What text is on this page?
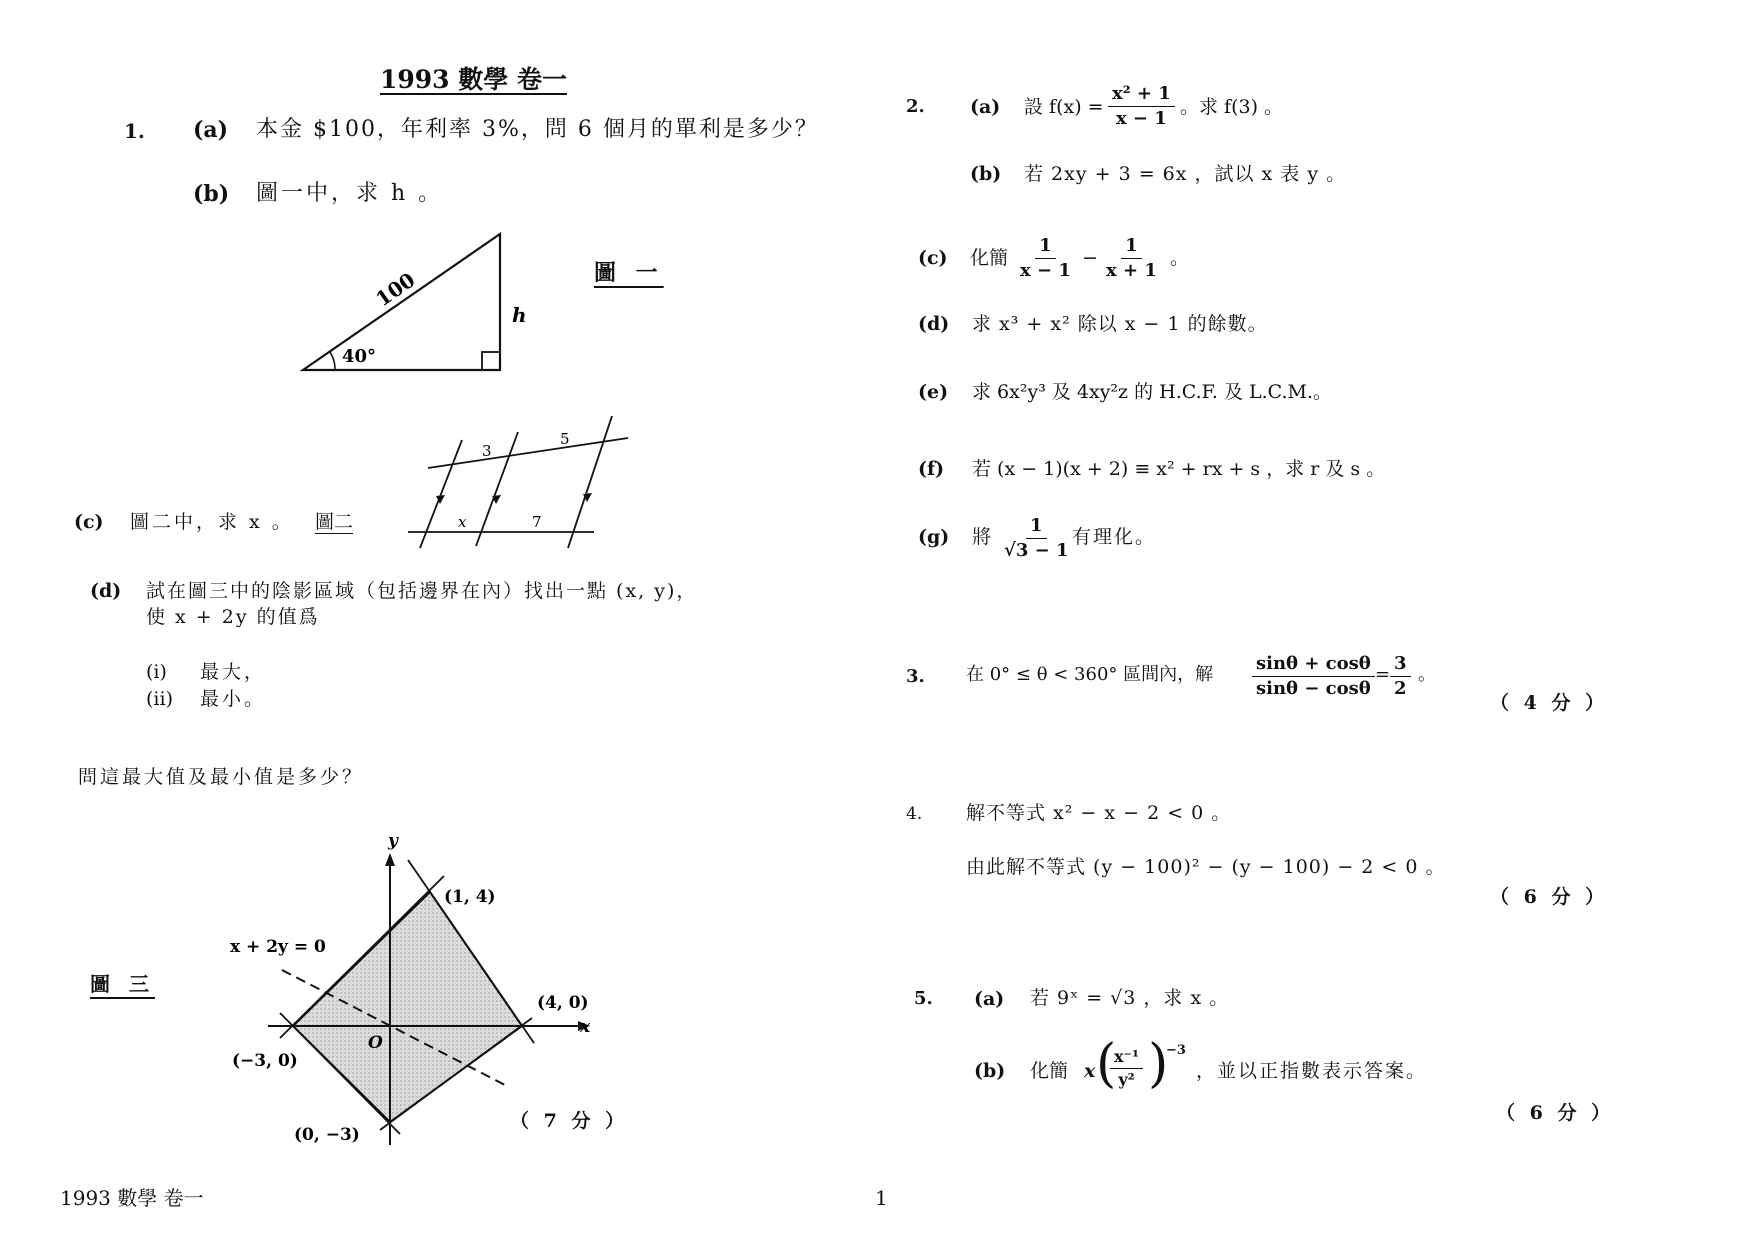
1993 數學 卷一
1. (a) 本金 $100，年利率 3%，問 6 個月的單利是多少？
(b) 圖一中，求 h 。
100
h
40°
圖 一
(c) 圖二中，求 x 。 圖二
3
5
x	7
(d) 試在圖三中的陰影區域（包括邊界在內）找出一點 (x, y)，
使 x + 2y 的值爲
(i) 最大，
(ii) 最小。
問這最大值及最小值是多少？
圖 三
y
x
O
x + 2y = 0
(1, 4)
(4, 0)
(−3, 0)
(0, −3)
（ 7 分 ）
1993 數學 卷一	1
2. (a) 設 $f(x) = \frac{\text{x² + 1}}{x - 1}$ 。求 f(3) 。
(b) 若 2xy + 3 = 6x ，試以 x 表 y 。
(c) 化簡 $\frac{1}{x - 1} - \frac{1}{x + 1}$ 。
(d) 求 x³ + x² 除以 x − 1 的餘數。
(e) 求 6x²y³ 及 4xy²z 的 H.C.F. 及 L.C.M.。
(f) 若 (x − 1)(x + 2) ≡ x² + rx + s ，求 r 及 s 。
(g) 將 $\frac{1}{√3 - 1}$ 有理化。
3. 在 0° ≤ θ < 360° 區間內，解 $\frac{\sin\theta + \cos\theta}{\sin\theta - \cos\theta} = \frac{3}{2}$ 。
（ 4 分 ）
4. 解不等式 x² − x − 2 < 0 。
由此解不等式 (y − 100)² − (y − 100) − 2 < 0 。
（ 6 分 ）
5. (a) 若 9ˣ = √3 ，求 x 。
(b) 化簡 x (
$\frac{\text{x⁻¹}}{\text{y²}}$ )
−3
，並以正指數表示答案。
（ 6 分 ）
